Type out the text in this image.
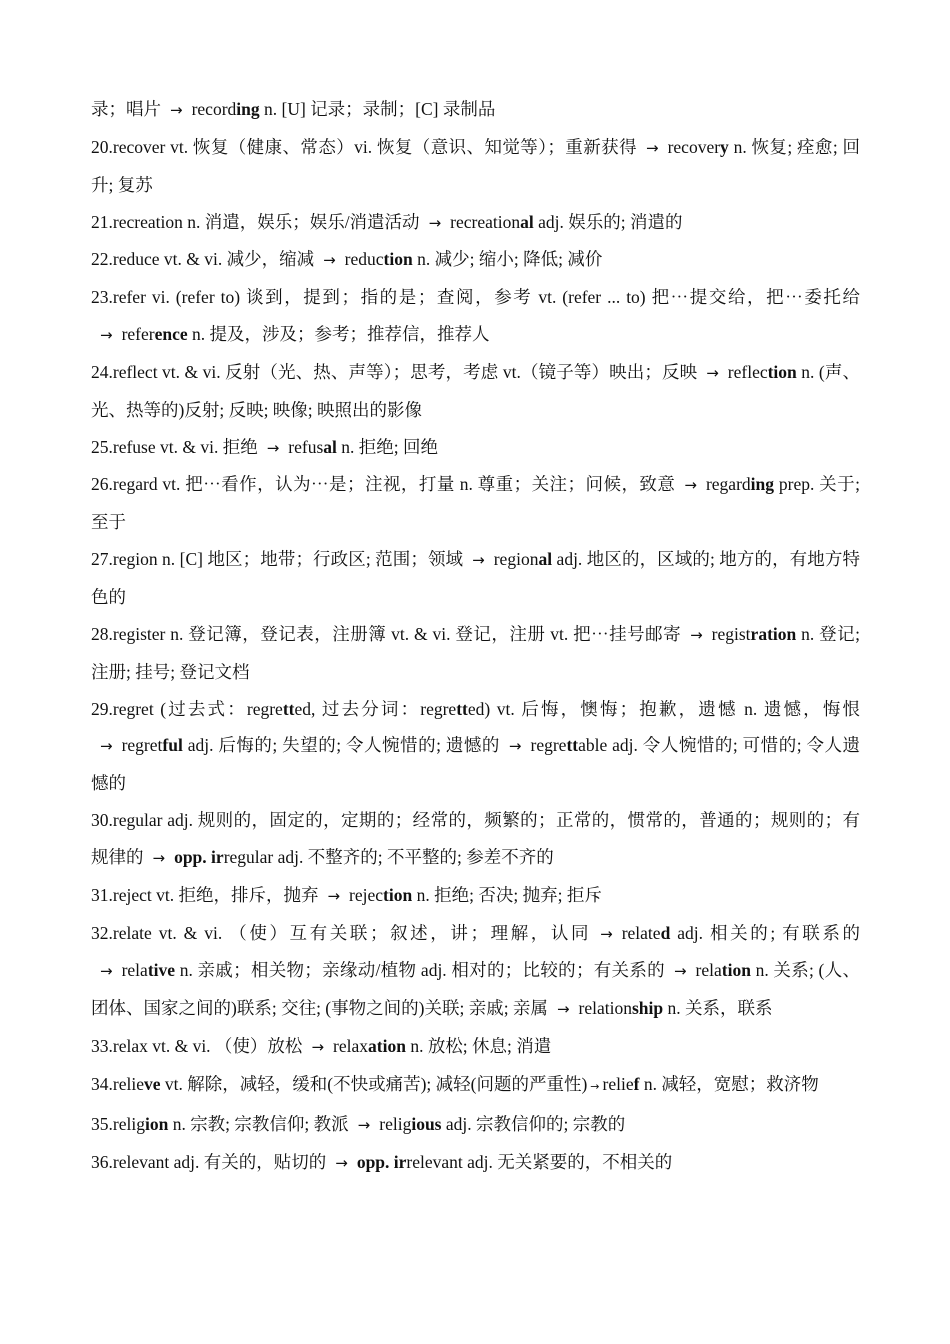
录；唱片 → recording n. [U] 记录；录制；[C] 录制品

20.recover vt. 恢复（健康、常态）vi. 恢复（意识、知觉等）；重新获得 → recovery n. 恢复; 痊愈; 回升; 复苏

21.recreation n. 消遣，娱乐；娱乐/消遣活动 → recreational adj. 娱乐的; 消遣的

22.reduce vt. & vi. 减少，缩减 → reduction n. 减少; 缩小; 降低; 减价

23.refer vi. (refer to) 谈到，提到；指的是；查阅，参考 vt. (refer ... to) 把⋯提交给，把⋯委托给→ reference n. 提及，涉及；参考；推荐信，推荐人

24.reflect vt. & vi. 反射（光、热、声等）；思考，考虑 vt.（镜子等）映出；反映 → reflection n. (声、光、热等的)反射; 反映; 映像; 映照出的影像

25.refuse vt. & vi. 拒绝 → refusal n. 拒绝; 回绝

26.regard vt. 把⋯看作，认为⋯是；注视，打量 n. 尊重；关注；问候，致意 → regarding prep. 关于; 至于

27.region n. [C] 地区；地带；行政区; 范围；领域 → regional adj. 地区的，区域的; 地方的，有地方特色的

28.register n. 登记簿，登记表，注册簿 vt. & vi. 登记，注册 vt. 把⋯挂号邮寄 → registration n. 登记; 注册; 挂号; 登记文档

29.regret (过去式：regretted, 过去分词：regretted) vt. 后悔，懊悔；抱歉，遗憾 n. 遗憾，悔恨→ regretful adj. 后悔的; 失望的; 令人惋惜的; 遗憾的 → regrettable adj. 令人惋惜的; 可惜的; 令人遗憾的

30.regular adj. 规则的，固定的，定期的；经常的，频繁的；正常的，惯常的，普通的；规则的；有规律的 → opp. irregular adj. 不整齐的; 不平整的; 参差不齐的

31.reject vt. 拒绝，排斥，抛弃 → rejection n. 拒绝; 否决; 抛弃; 拒斥

32.relate vt. & vi. （使）互有关联；叙述，讲；理解，认同 → related adj. 相关的; 有联系的→ relative n. 亲戚；相关物；亲缘动/植物 adj. 相对的；比较的；有关系的 → relation n. 关系; (人、团体、国家之间的)联系; 交往; (事物之间的)关联; 亲戚; 亲属 → relationship n. 关系，联系

33.relax vt. & vi. （使）放松 → relaxation n. 放松; 休息; 消遣

34.relieve vt. 解除，减轻，缓和(不快或痛苦); 减轻(问题的严重性) → relief n. 减轻，宽慰；救济物

35.religion n. 宗教; 宗教信仰; 教派 → religious adj. 宗教信仰的; 宗教的

36.relevant adj. 有关的，贴切的 → opp. irrelevant adj. 无关紧要的，不相关的
